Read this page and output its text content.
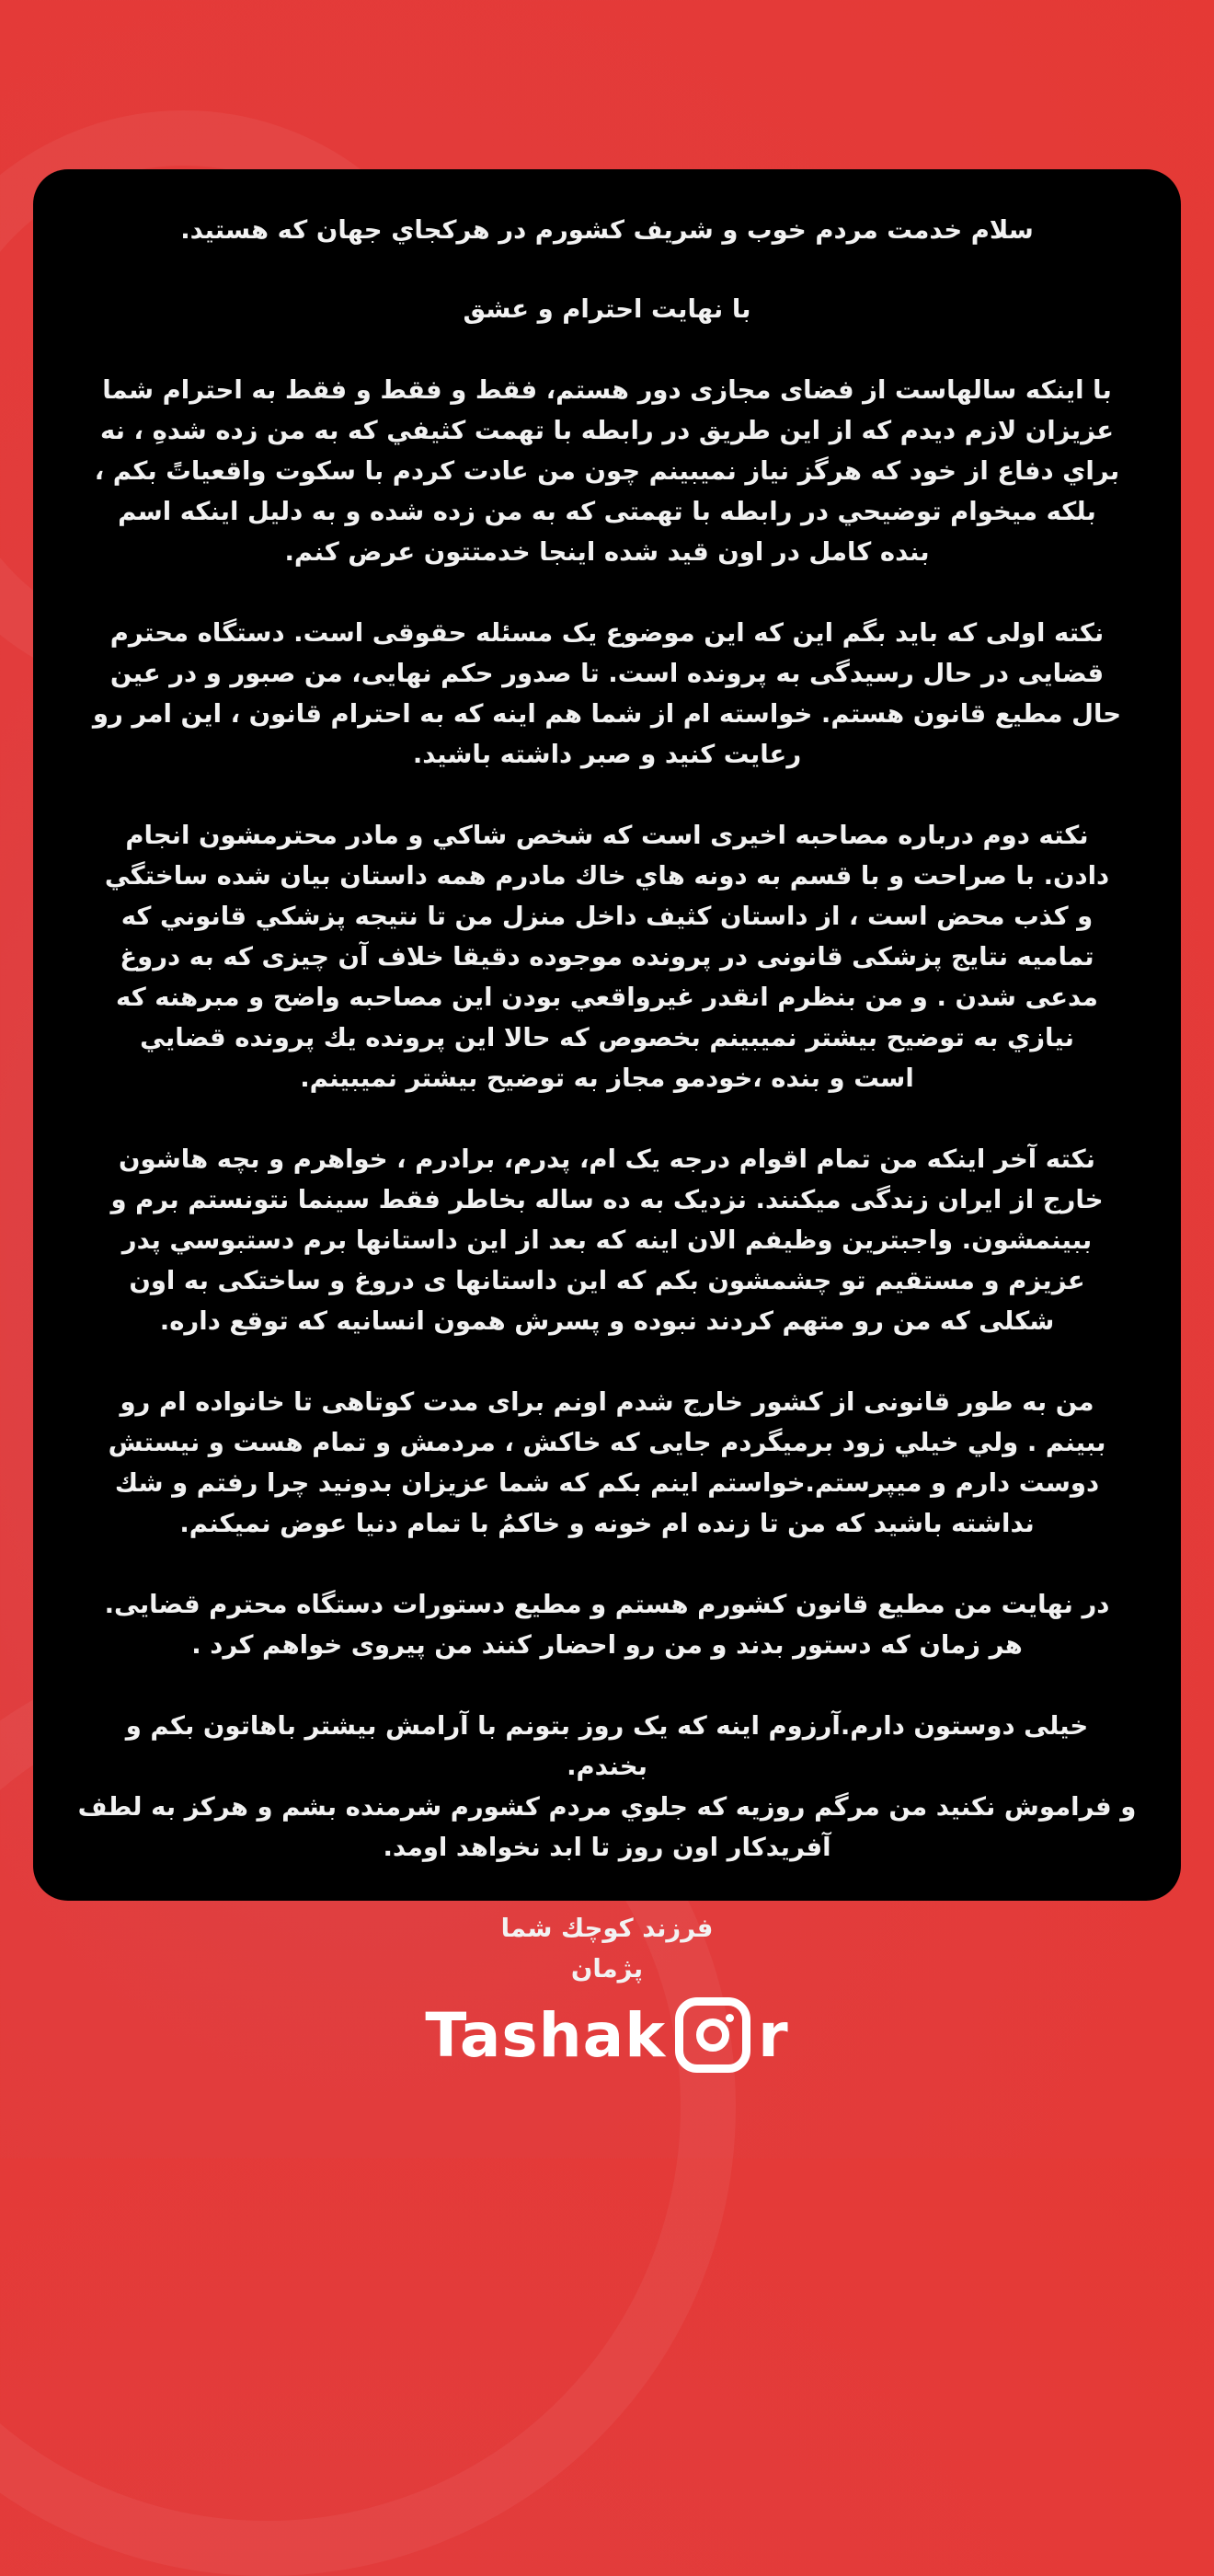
سلام خدمت مردم خوب و شریف کشورم در هرکجاي جهان که هستید.

با نهایت احترام و عشق

با اینکه سالهاست از فضای مجازی دور هستم، فقط و فقط و فقط به احترام شما
عزیزان لازم دیدم که از این طریق در رابطه با تهمت کثیفي که به من زده شدهِ ، نه
براي دفاع از خود که هرگز نیاز نمیبینم چون من عادت کردم با سکوت واقعیاتً بکم ،
بلکه میخوام توضیحي در رابطه با تهمتی که به من زده شده و به دلیل اینکه اسم
بنده کامل در اون قید شده اینجا خدمتتون عرض کنم.

نکته اولی که باید بگم این که این موضوع یک مسئله حقوقی است. دستگاه محترم
قضایی در حال رسیدگی به پرونده است. تا صدور حکم نهایی، من صبور و در عین
حال مطیع قانون هستم. خواسته ام از شما هم اینه که به احترام قانون ، این امر رو
رعایت کنید و صبر داشته باشید.

نکته دوم درباره مصاحبه اخیری است که شخص شاکي و مادر محترمشون انجام
دادن. با صراحت و با قسم به دونه هاي خاك مادرم همه داستان بیان شده ساختگي
و کذب محض است ، از داستان کثیف داخل منزل من تا نتیجه پزشکي قانوني که
تمامیه نتایج پزشکی قانونی در پرونده موجوده دقیقا خلاف آن چیزی که به دروغ
مدعی شدن . و من بنظرم انقدر غیرواقعي بودن این مصاحبه واضح و مبرهنه که
نیازي به توضیح بیشتر نمیبینم بخصوص که حالا این پرونده یك پرونده قضایي
است و بنده ،خودمو مجاز به توضیح بیشتر نمیبینم.

نکته آخر اینکه من تمام اقوام درجه یک ام، پدرم، برادرم ، خواهرم و بچه هاشون
خارج از ایران زندگی میکنند. نزدیک به ده ساله بخاطر فقط سینما نتونستم برم و
ببینمشون. واجبترین وظیفم الان اینه که بعد از این داستانها برم دستبوسي پدر
عزیزم و مستقیم تو چشمشون بکم که این داستانها ی دروغ و ساختکی به اون
شکلی که من رو متهم کردند نبوده و پسرش همون انسانیه که توقع داره.

من به طور قانونی از کشور خارج شدم اونم برای مدت کوتاهی تا خانواده ام رو
ببینم . ولي خیلي زود برمیگردم جایی که خاکش ، مردمش و تمام هست و نیستش
دوست دارم و میپرستم.خواستم اینم بکم که شما عزیزان بدونید چرا رفتم و شك
نداشته باشید که من تا زنده ام خونه و خاکمُ با تمام دنیا عوض نمیکنم.

در نهایت من مطیع قانون کشورم هستم و مطیع دستورات دستگاه محترم قضایی.
هر زمان که دستور بدند و من رو احضار کنند من پیروی خواهم کرد .

خیلی دوستون دارم.آرزوم اینه که یک روز بتونم با آرامش بیشتر باهاتون بکم و
بخندم.
و فراموش نکنید من مرگم روزیه که جلوي مردم کشورم شرمنده بشم و هرکز به لطف
آفریدکار اون روز تا ابد نخواهد اومد.

فرزند کوچك شما

پژمان

Tashak r
